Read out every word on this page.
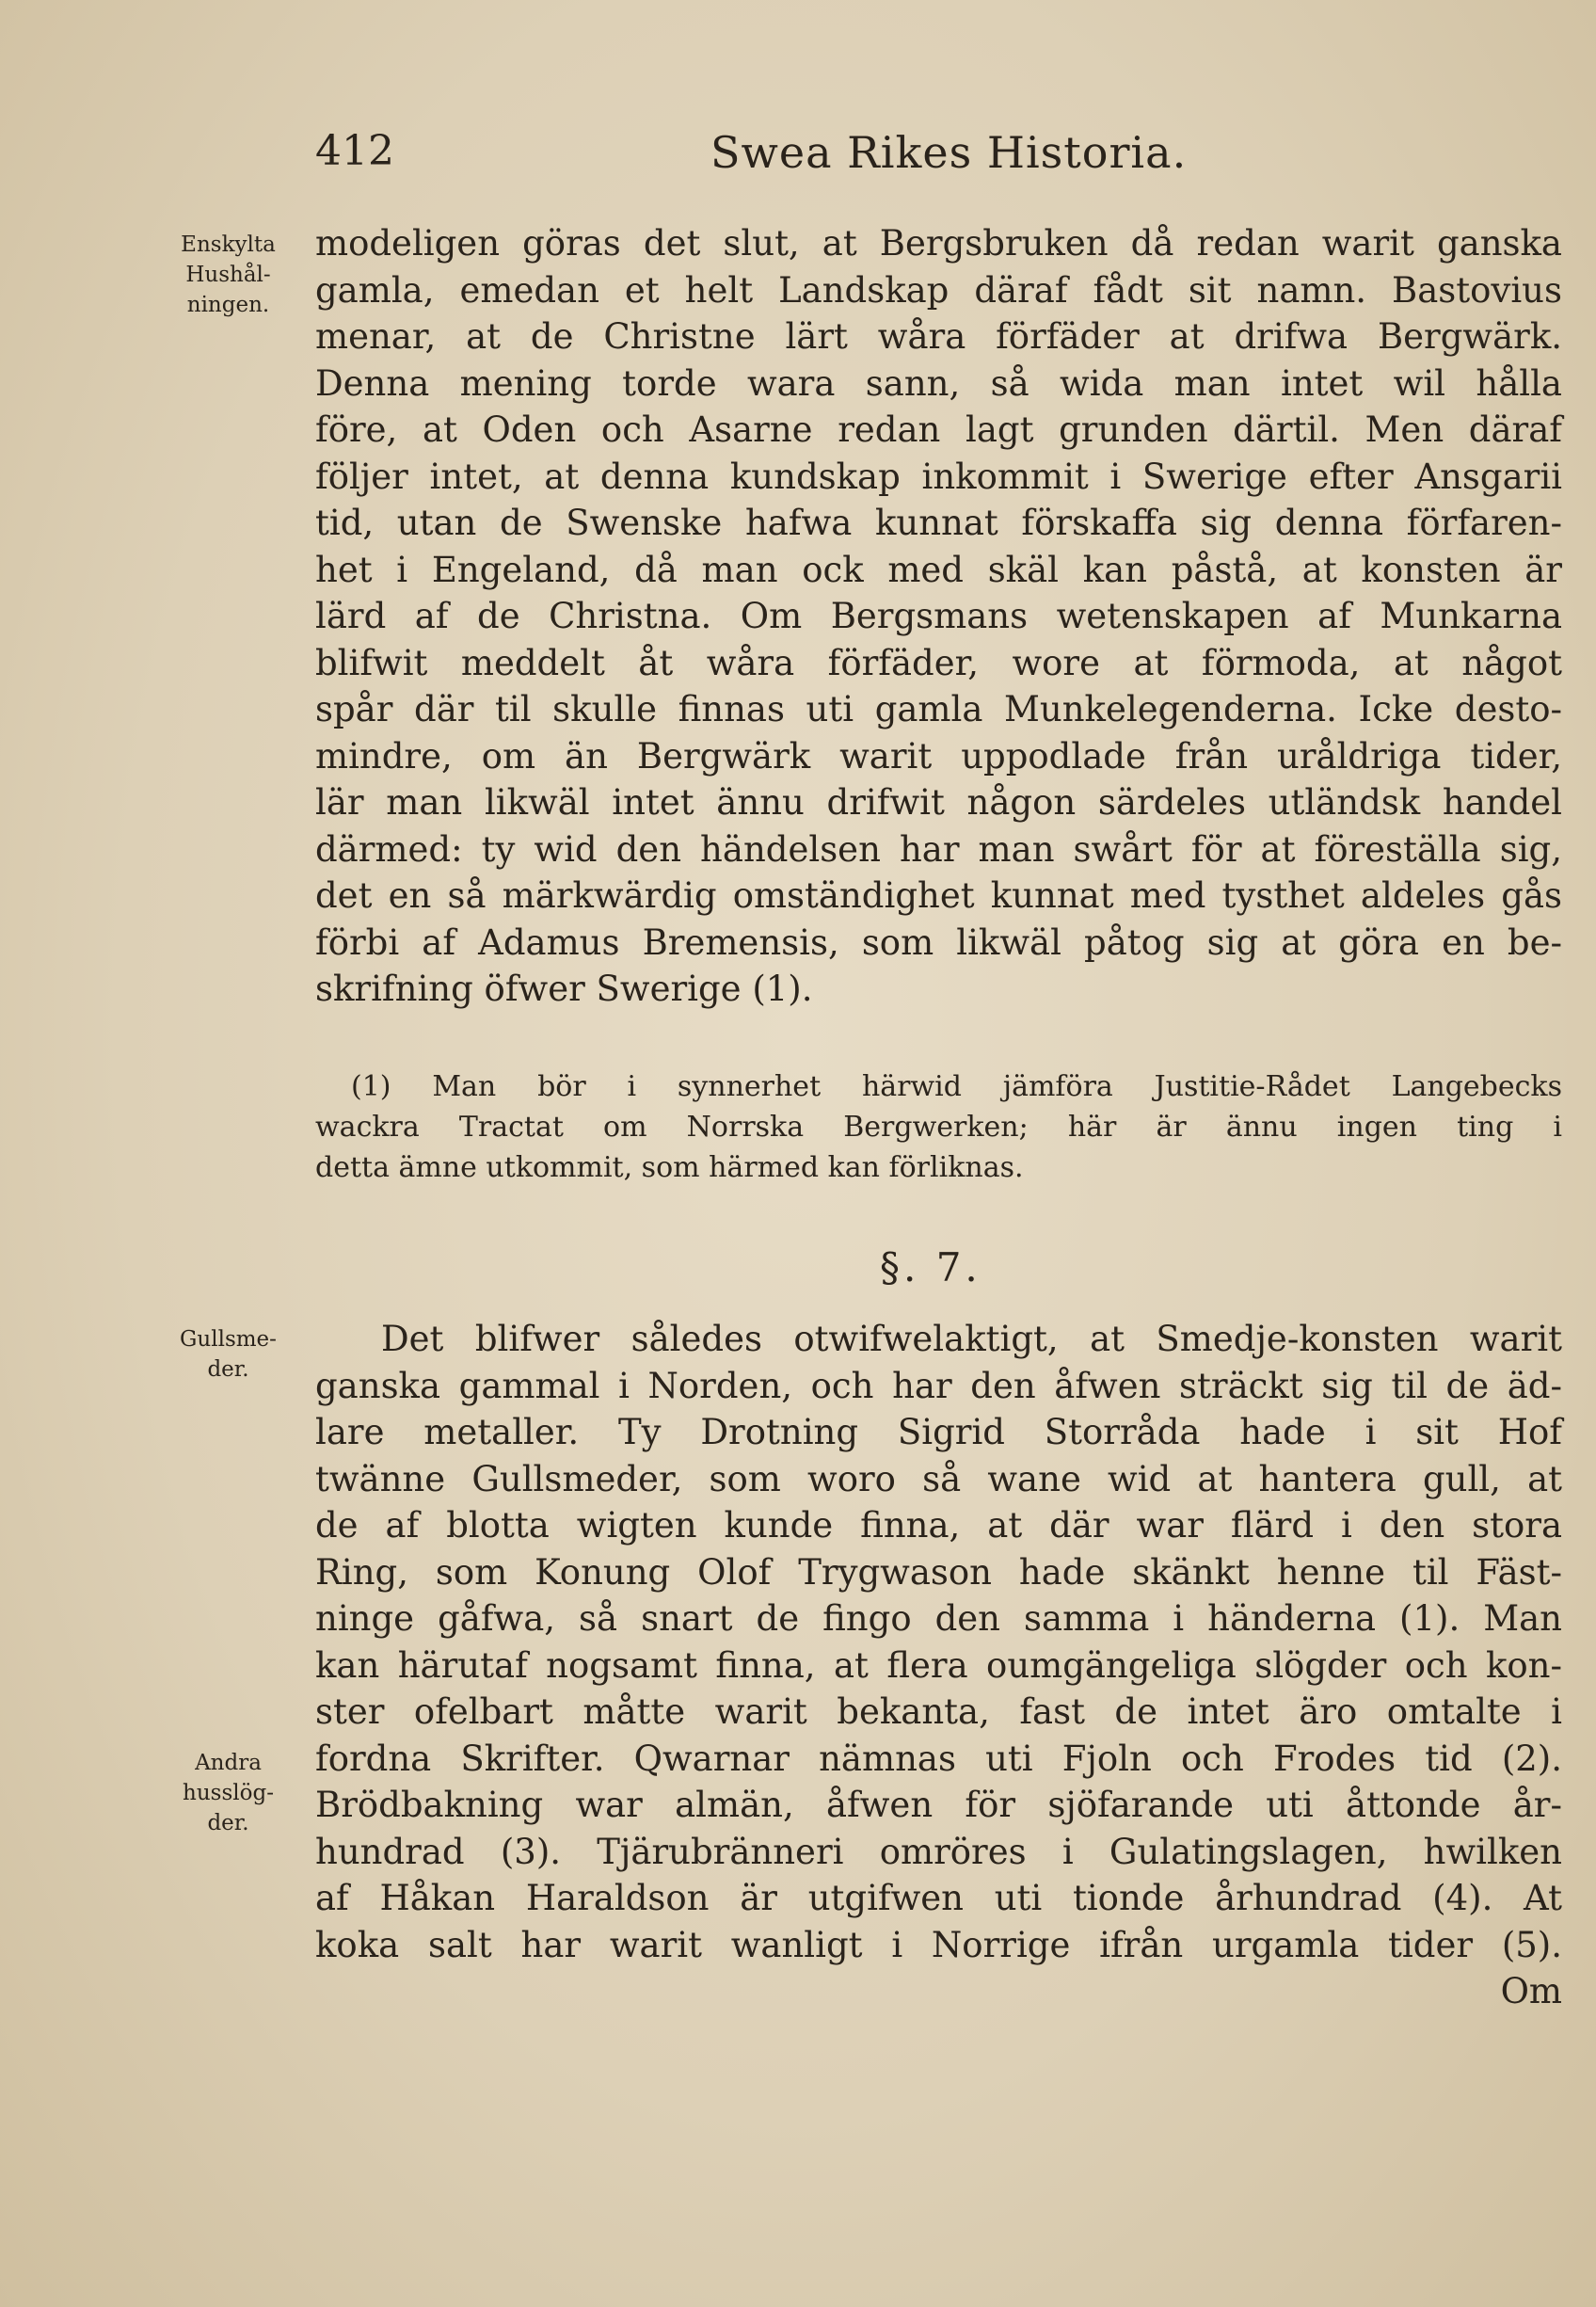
412	Swea Rikes Historia.
Enskylta
Hushål-
ningen.
modeligen göras det slut, at Bergsbruken då redan warit ganska
gamla, emedan et helt Landskap däraf fådt sit namn. Bastovius
menar, at de Christne lärt wåra förfäder at drifwa Bergwärk.
Denna mening torde wara sann, så wida man intet wil hålla
före, at Oden och Asarne redan lagt grunden därtil. Men däraf
följer intet, at denna kundskap inkommit i Swerige efter Ansgarii
tid, utan de Swenske hafwa kunnat förskaffa sig denna förfaren-
het i Engeland, då man ock med skäl kan påstå, at konsten är
lärd af de Christna. Om Bergsmans wetenskapen af Munkarna
blifwit meddelt åt wåra förfäder, wore at förmoda, at något
spår där til skulle finnas uti gamla Munkelegenderna. Icke desto-
mindre, om än Bergwärk warit uppodlade från uråldriga tider,
lär man likwäl intet ännu drifwit någon särdeles utländsk handel
därmed: ty wid den händelsen har man swårt för at föreställa sig,
det en så märkwärdig omständighet kunnat med tysthet aldeles gås
förbi af Adamus Bremensis, som likwäl påtog sig at göra en be-
skrifning öfwer Swerige (1).
(1) Man bör i synnerhet härwid jämföra Justitie-Rådet Langebecks
wackra Tractat om Norrska Bergwerken; här är ännu ingen ting i
detta ämne utkommit, som härmed kan förliknas.
§. 7.
Gullsme-
der.
Andra
husslög-
der.
Det blifwer således otwifwelaktigt, at Smedje-konsten warit
ganska gammal i Norden, och har den åfwen sträckt sig til de äd-
lare metaller. Ty Drotning Sigrid Storråda hade i sit Hof
twänne Gullsmeder, som woro så wane wid at hantera gull, at
de af blotta wigten kunde finna, at där war flärd i den stora
Ring, som Konung Olof Trygwason hade skänkt henne til Fäst-
ninge gåfwa, så snart de fingo den samma i händerna (1). Man
kan härutaf nogsamt finna, at flera oumgängeliga slögder och kon-
ster ofelbart måtte warit bekanta, fast de intet äro omtalte i
fordna Skrifter. Qwarnar nämnas uti Fjoln och Frodes tid (2).
Brödbakning war almän, åfwen för sjöfarande uti åttonde år-
hundrad (3). Tjärubränneri omröres i Gulatingslagen, hwilken
af Håkan Haraldson är utgifwen uti tionde århundrad (4). At
koka salt har warit wanligt i Norrige ifrån urgamla tider (5).
Om
